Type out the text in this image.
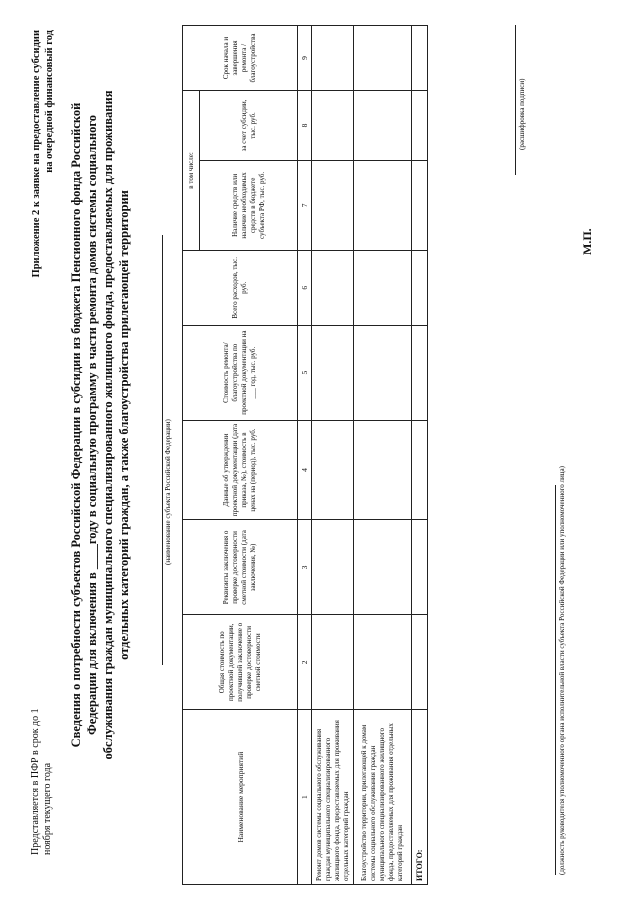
Представляется в ПФР в срок до 1 ноября текущего года
Приложение 2 к заявке на предоставление субсидии на очередной финансовый год
Сведения о потребности субъектов Российской Федерации в субсидии из бюджета Пенсионного фонда Российской Федерации для включения в ____году в социальную программу в части ремонта домов системы социального обслуживания граждан муниципального специализированного жилищного фонда, предоставляемых для проживания отдельных категорий граждан, а также благоустройства прилегающей территории	(наименование субъекта Российской Федерации)
Наименование мероприятий	Общая стоимость по проектной документации, получившей заключение о проверке достоверности сметной стоимости	Реквизиты заключения о проверке достоверности сметной стоимости (дата заключения, №)	Данные об утверждении проектной документации (дата приказа, №), стоимость в ценах на (период), тыс. руб.	Стоимость ремонта/ благоустройства по проектной документации на ___ год, тыс. руб.	Всего расходов, тыс. руб.	в том числе:		Срок начала и завершения ремонта / благоустройства
						Наличие средств или наличие необходимых средств в бюджете субъекта РФ, тыс. руб.	за счет субсидии, тыс. руб.	
1	2	3	4	5	6	7	8	9
Ремонт домов системы социального обслуживания граждан муниципального специализированного жилищного фонда, предоставляемых для проживания отдельных категорий граждан								
Благоустройство территории, прилегающей к домам системы социального обслуживания граждан муниципального специализированного жилищного фонда, предоставляемых для проживания отдельных категорий граждан								
ИТОГО:									(должность руководителя уполномоченного органа исполнительной власти субъекта Российской Федерации или уполномоченного лица)
(расшифровка подписи)
М.П.
